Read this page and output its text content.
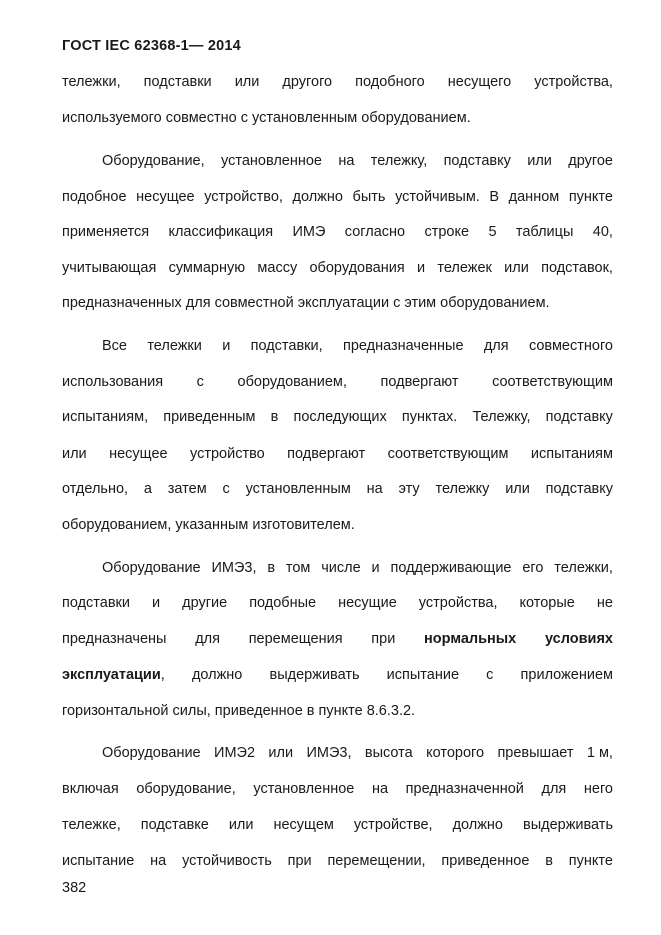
ГОСТ IEC 62368-1— 2014
тележки, подставки или другого подобного несущего устройства,
используемого совместно с установленным оборудованием.
Оборудование, установленное на тележку, подставку или другое
подобное несущее устройство, должно быть устойчивым. В данном пункте
применяется классификация ИМЭ согласно строке 5 таблицы 40,
учитывающая суммарную массу оборудования и тележек или подставок,
предназначенных для совместной эксплуатации с этим оборудованием.
Все тележки и подставки, предназначенные для совместного
использования с оборудованием, подвергают соответствующим
испытаниям, приведенным в последующих пунктах. Тележку, подставку
или несущее устройство подвергают соответствующим испытаниям
отдельно, а затем с установленным на эту тележку или подставку
оборудованием, указанным изготовителем.
Оборудование ИМЭ3, в том числе и поддерживающие его тележки,
подставки и другие подобные несущие устройства, которые не
предназначены для перемещения при нормальных условиях
эксплуатации, должно выдерживать испытание с приложением
горизонтальной силы, приведенное в пункте 8.6.3.2.
Оборудование ИМЭ2 или ИМЭ3, высота которого превышает 1 м,
включая оборудование, установленное на предназначенной для него
тележке, подставке или несущем устройстве, должно выдерживать
испытание на устойчивость при перемещении, приведенное в пункте
382
